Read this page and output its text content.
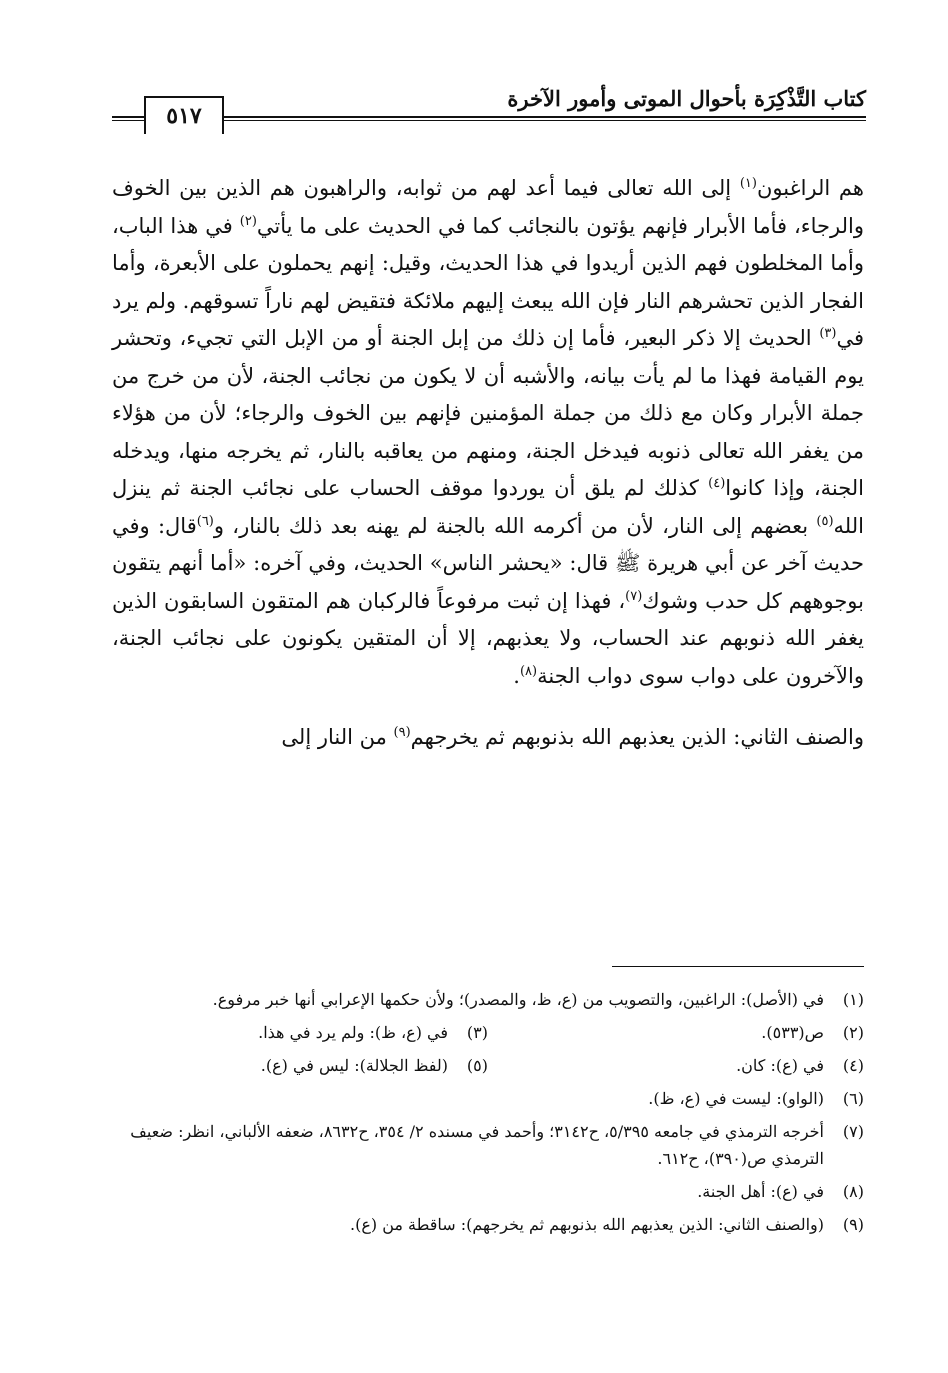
كتاب التَّذْكِرَة بأحوال الموتى وأمور الآخرة
٥١٧

هم الراغبون$^{(١)}$ إلى الله تعالى فيما أعد لهم من ثوابه، والراهبون هم الذين بين الخوف والرجاء، فأما الأبرار فإنهم يؤتون بالنجائب كما في الحديث على ما يأتي$^{(٢)}$ في هذا الباب، وأما المخلطون فهم الذين أريدوا في هذا الحديث، وقيل: إنهم يحملون على الأبعرة، وأما الفجار الذين تحشرهم النار فإن الله يبعث إليهم ملائكة فتقيض لهم ناراً تسوقهم. ولم يرد في$^{(٣)}$ الحديث إلا ذكر البعير، فأما إن ذلك من إبل الجنة أو من الإبل التي تجيء، وتحشر يوم القيامة فهذا ما لم يأت بيانه، والأشبه أن لا يكون من نجائب الجنة، لأن من خرج من جملة الأبرار وكان مع ذلك من جملة المؤمنين فإنهم بين الخوف والرجاء؛ لأن من هؤلاء من يغفر الله تعالى ذنوبه فيدخل الجنة، ومنهم من يعاقبه بالنار، ثم يخرجه منها، ويدخله الجنة، وإذا كانوا$^{(٤)}$ كذلك لم يلق أن يوردوا موقف الحساب على نجائب الجنة ثم ينزل الله$^{(٥)}$ بعضهم إلى النار، لأن من أكرمه الله بالجنة لم يهنه بعد ذلك بالنار، و$^{(٦)}$قال: وفي حديث آخر عن أبي هريرة ﷺ قال: «يحشر الناس» الحديث، وفي آخره: «أما أنهم يتقون بوجوههم كل حدب وشوك$^{(٧)}$، فهذا إن ثبت مرفوعاً فالركبان هم المتقون السابقون الذين يغفر الله ذنوبهم عند الحساب، ولا يعذبهم، إلا أن المتقين يكونون على نجائب الجنة، والآخرون على دواب سوى دواب الجنة$^{(٨)}$.

والصنف الثاني: الذين يعذبهم الله بذنوبهم ثم يخرجهم$^{(٩)}$ من النار إلى

(١)
في (الأصل): الراغبين، والتصويب من (ع، ظ، والمصدر)؛ ولأن حكمها الإعرابي أنها خبر مرفوع.
(٢)
ص(٥٣٣).
(٣)
في (ع، ظ): ولم يرد في هذا.
(٤)
في (ع): كان.
(٥)
(لفظ الجلالة): ليس في (ع).
(٦)
(الواو): ليست في (ع، ظ).
(٧)
أخرجه الترمذي في جامعه ٥/٣٩٥، ح٣١٤٢؛ وأحمد في مسنده ٢/ ٣٥٤، ح٨٦٣٢، ضعفه الألباني، انظر: ضعيف الترمذي ص(٣٩٠)، ح٦١٢.
(٨)
في (ع): أهل الجنة.
(٩)
(والصنف الثاني: الذين يعذبهم الله بذنوبهم ثم يخرجهم): ساقطة من (ع).
